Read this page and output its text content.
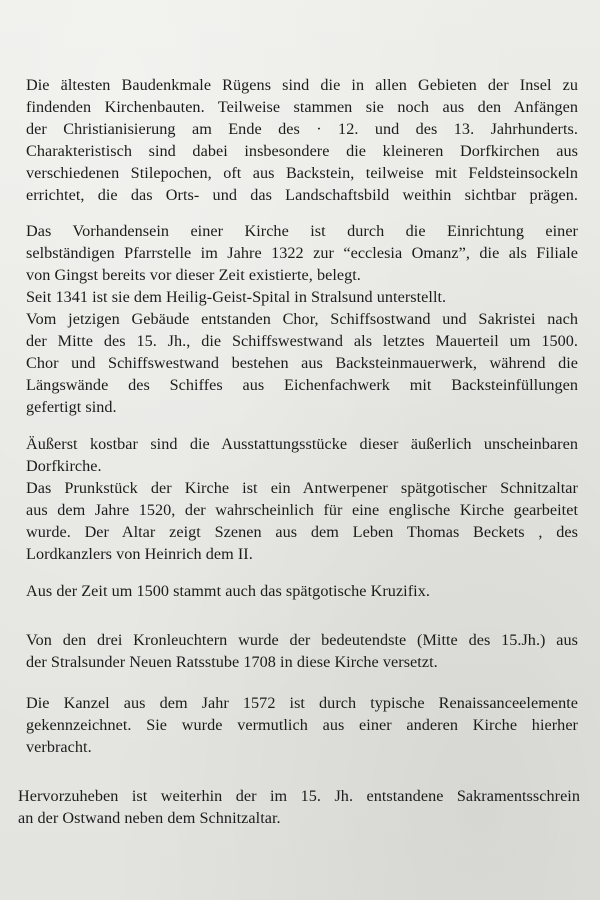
Die ältesten Baudenkmale Rügens sind die in allen Gebieten der Insel zu
findenden Kirchenbauten. Teilweise stammen sie noch aus den Anfängen
der Christianisierung am Ende des · 12. und des 13. Jahrhunderts.
Charakteristisch sind dabei insbesondere die kleineren Dorfkirchen aus
verschiedenen Stilepochen, oft aus Backstein, teilweise mit Feldsteinsockeln
errichtet, die das Orts- und das Landschaftsbild weithin sichtbar prägen.
Das Vorhandensein einer Kirche ist durch die Einrichtung einer
selbständigen Pfarrstelle im Jahre 1322 zur “ecclesia Omanz”, die als Filiale
von Gingst bereits vor dieser Zeit existierte, belegt.
Seit 1341 ist sie dem Heilig-Geist-Spital in Stralsund unterstellt.
Vom jetzigen Gebäude entstanden Chor, Schiffsostwand und Sakristei nach
der Mitte des 15. Jh., die Schiffswestwand als letztes Mauerteil um 1500.
Chor und Schiffswestwand bestehen aus Backsteinmauerwerk, während die
Längswände des Schiffes aus Eichenfachwerk mit Backsteinfüllungen
gefertigt sind.
Äußerst kostbar sind die Ausstattungsstücke dieser äußerlich unscheinbaren
Dorfkirche.
Das Prunkstück der Kirche ist ein Antwerpener spätgotischer Schnitzaltar
aus dem Jahre 1520, der wahrscheinlich für eine englische Kirche gearbeitet
wurde. Der Altar zeigt Szenen aus dem Leben Thomas Beckets , des
Lordkanzlers von Heinrich dem II.
Aus der Zeit um 1500 stammt auch das spätgotische Kruzifix.
Von den drei Kronleuchtern wurde der bedeutendste (Mitte des 15.Jh.) aus
der Stralsunder Neuen Ratsstube 1708 in diese Kirche versetzt.
Die Kanzel aus dem Jahr 1572 ist durch typische Renaissanceelemente
gekennzeichnet. Sie wurde vermutlich aus einer anderen Kirche hierher
verbracht.
Hervorzuheben ist weiterhin der im 15. Jh. entstandene Sakramentsschrein
an der Ostwand neben dem Schnitzaltar.
